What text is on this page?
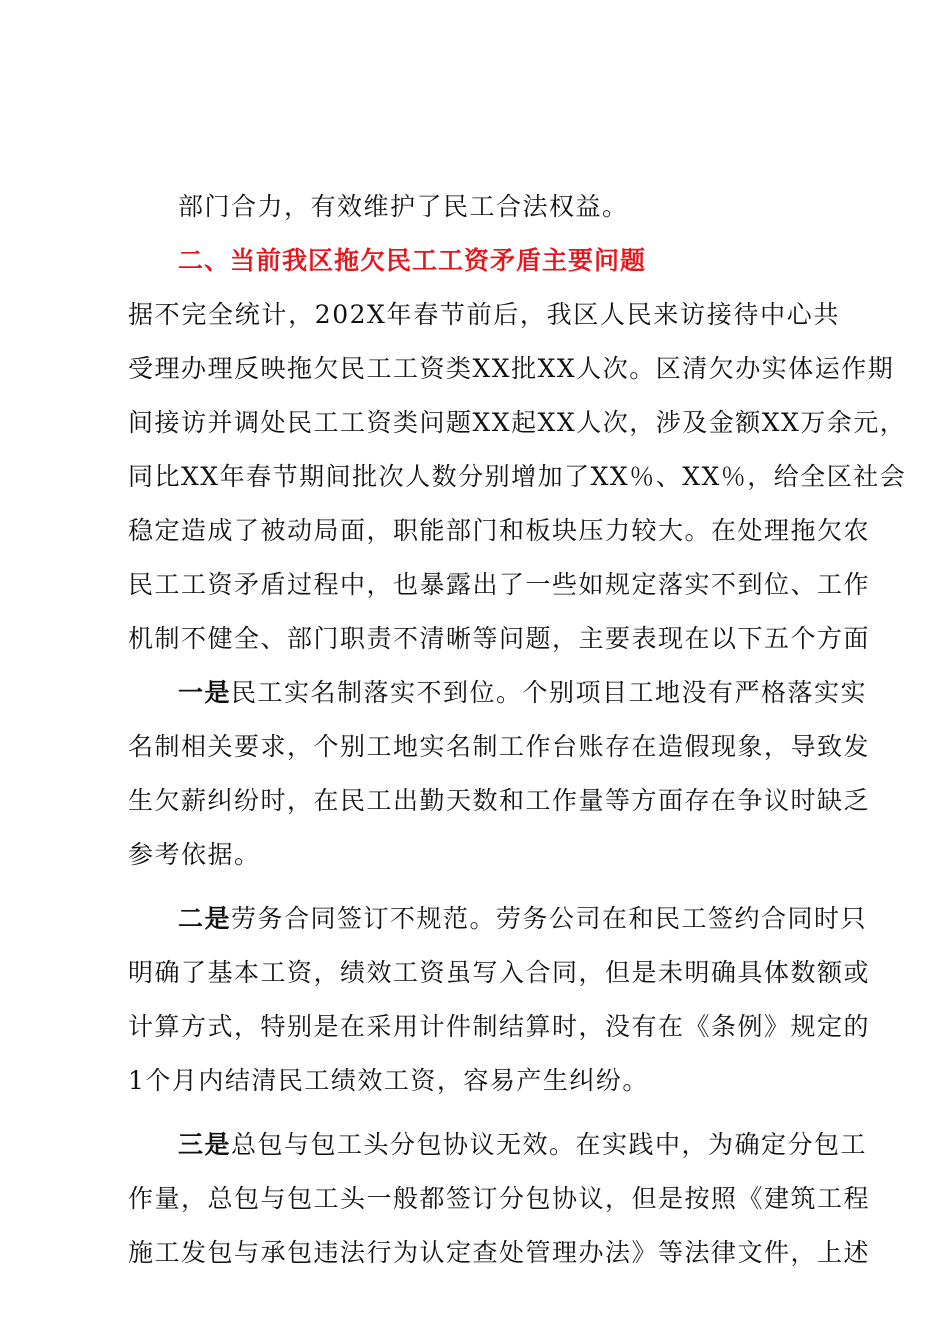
部门合力，有效维护了民工合法权益。

二、当前我区拖欠民工工资矛盾主要问题

据不完全统计，202X年春节前后，我区人民来访接待中心共
受理办理反映拖欠民工工资类XX批XX人次。区清欠办实体运作期
间接访并调处民工工资类问题XX起XX人次，涉及金额XX万余元，
同比XX年春节期间批次人数分别增加了XX％、XX％，给全区社会
稳定造成了被动局面，职能部门和板块压力较大。在处理拖欠农
民工工资矛盾过程中，也暴露出了一些如规定落实不到位、工作
机制不健全、部门职责不清晰等问题，主要表现在以下五个方面
一是民工实名制落实不到位。个别项目工地没有严格落实实
名制相关要求，个别工地实名制工作台账存在造假现象，导致发
生欠薪纠纷时，在民工出勤天数和工作量等方面存在争议时缺乏
参考依据。
二是劳务合同签订不规范。劳务公司在和民工签约合同时只
明确了基本工资，绩效工资虽写入合同，但是未明确具体数额或
计算方式，特别是在采用计件制结算时，没有在《条例》规定的
1个月内结清民工绩效工资，容易产生纠纷。
三是总包与包工头分包协议无效。在实践中，为确定分包工
作量，总包与包工头一般都签订分包协议，但是按照《建筑工程
施工发包与承包违法行为认定查处管理办法》等法律文件，上述
